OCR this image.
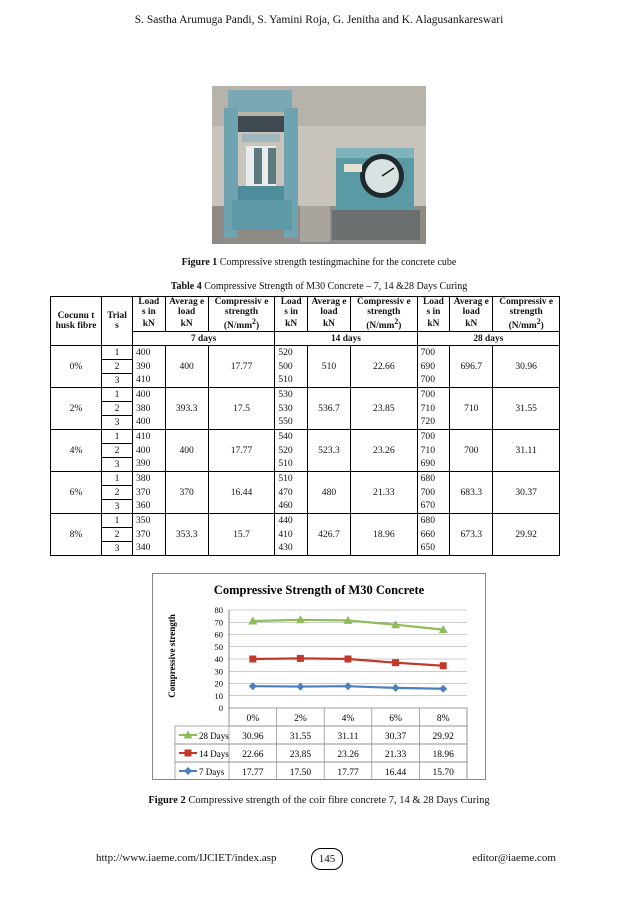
S. Sastha Arumuga Pandi, S. Yamini Roja, G. Jenitha and K. Alagusankareswari
Figure 1 Compressive strength testingmachine for the concrete cube
Table 4 Compressive Strength of M30 Concrete – 7, 14 &28 Days Curing
Cocunu t husk fibre	Trial s	Load s in	Averag e load	Compressiv e strength	Load s in	Averag e load	Compressiv e strength	Load s in	Averag e load	Compressiv e strength
		kN	kN	$(N/mm^2)$	kN	kN	$(N/mm^2)$	kN	kN	$(N/mm^2)$
		7 days			14 days			28 days		
0%	1	400	400	17.77	520	510	22.66	700	696.7	30.96
	2	390			500			690		
	3	410			510			700		
2%	1	400	393.3	17.5	530	536.7	23.85	700	710	31.55
	2	380			530			710		
	3	400			550			720		
4%	1	410	400	17.77	540	523.3	23.26	700	700	31.11
	2	400			520			710		
	3	390			510			690		
6%	1	380	370	16.44	510	480	21.33	680	683.3	30.37
	2	370			470			700		
	3	360			460			670		
8%	1	350	353.3	15.7	440	426.7	18.96	680	673.3	29.92
	2	370			410			660		
	3	340			430			650		
Compressive Strength of M30 Concrete
Compressive strength
0
10
20
30
40
50
60
70
80
0%	2%	4%	6%	8%
28 Days 30.96	31.55	31.11	30.37	29.92
14 Days 22.66	23.85	23.26	21.33	18.96
7 Days 17.77	17.50	17.77	16.44	15.70
Figure 2 Compressive strength of the coir fibre concrete 7, 14 & 28 Days Curing
http://www.iaeme.com/IJCIET/index.asp	145	editor@iaeme.com
